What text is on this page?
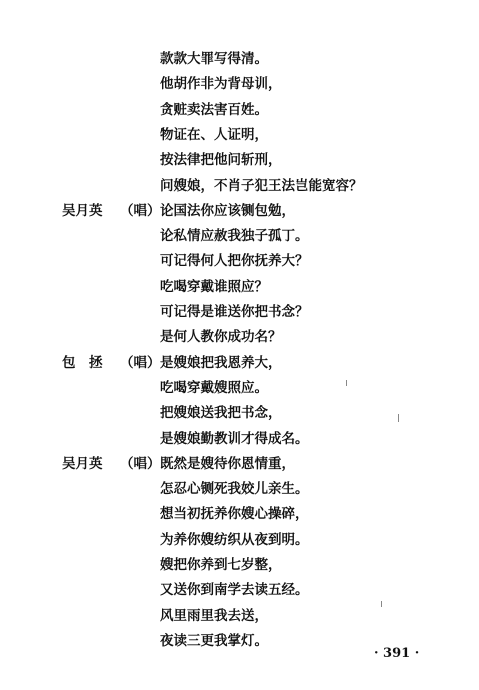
款款大罪写得清。
他胡作非为背母训，
贪赃卖法害百姓。
物证在、人证明，
按法律把他问斩刑，
问嫂娘，不肖子犯王法岂能宽容？
吴月英 （唱） 论国法你应该铡包勉，
论私情应赦我独子孤丁。
可记得何人把你抚养大？
吃喝穿戴谁照应？
可记得是谁送你把书念？
是何人教你成功名？
包　拯 （唱） 是嫂娘把我恩养大，
吃喝穿戴嫂照应。
把嫂娘送我把书念，
是嫂娘勤教训才得成名。
吴月英 （唱） 既然是嫂待你恩情重，
怎忍心铡死我姣儿亲生。
想当初抚养你嫂心操碎，
为养你嫂纺织从夜到明。
嫂把你养到七岁整，
又送你到南学去读五经。
风里雨里我去送，
夜读三更我掌灯。
· 391 ·
